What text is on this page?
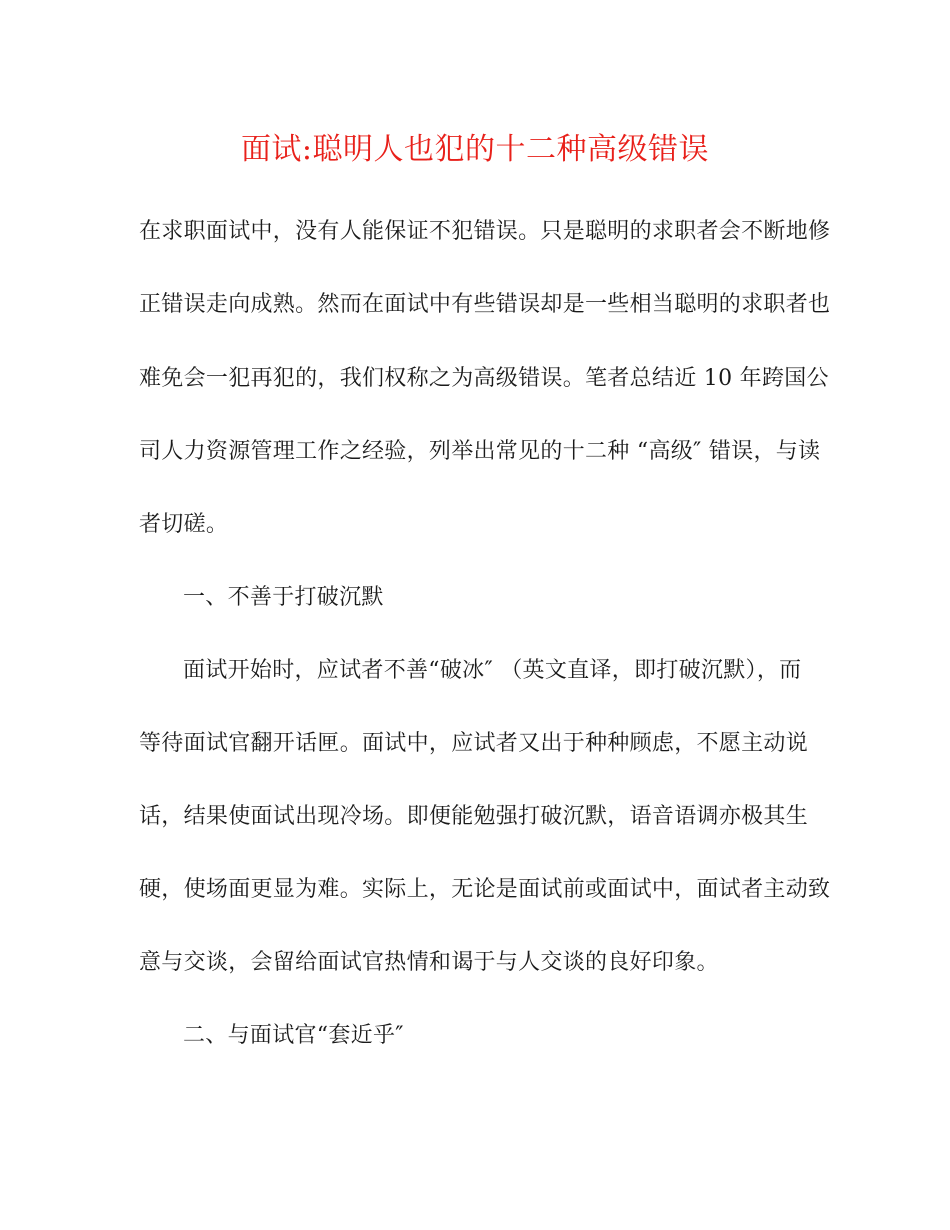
面试:聪明人也犯的十二种高级错误
在求职面试中，没有人能保证不犯错误。只是聪明的求职者会不断地修
正错误走向成熟。然而在面试中有些错误却是一些相当聪明的求职者也
难免会一犯再犯的，我们权称之为高级错误。笔者总结近 10 年跨国公
司人力资源管理工作之经验，列举出常见的十二种 “高级″ 错误，与读
者切磋。
一、不善于打破沉默
面试开始时，应试者不善“破冰″ （英文直译，即打破沉默），而
等待面试官翻开话匣。面试中，应试者又出于种种顾虑，不愿主动说
话，结果使面试出现冷场。即便能勉强打破沉默，语音语调亦极其生
硬，使场面更显为难。实际上，无论是面试前或面试中，面试者主动致
意与交谈，会留给面试官热情和谒于与人交谈的良好印象。
二、与面试官“套近乎″
